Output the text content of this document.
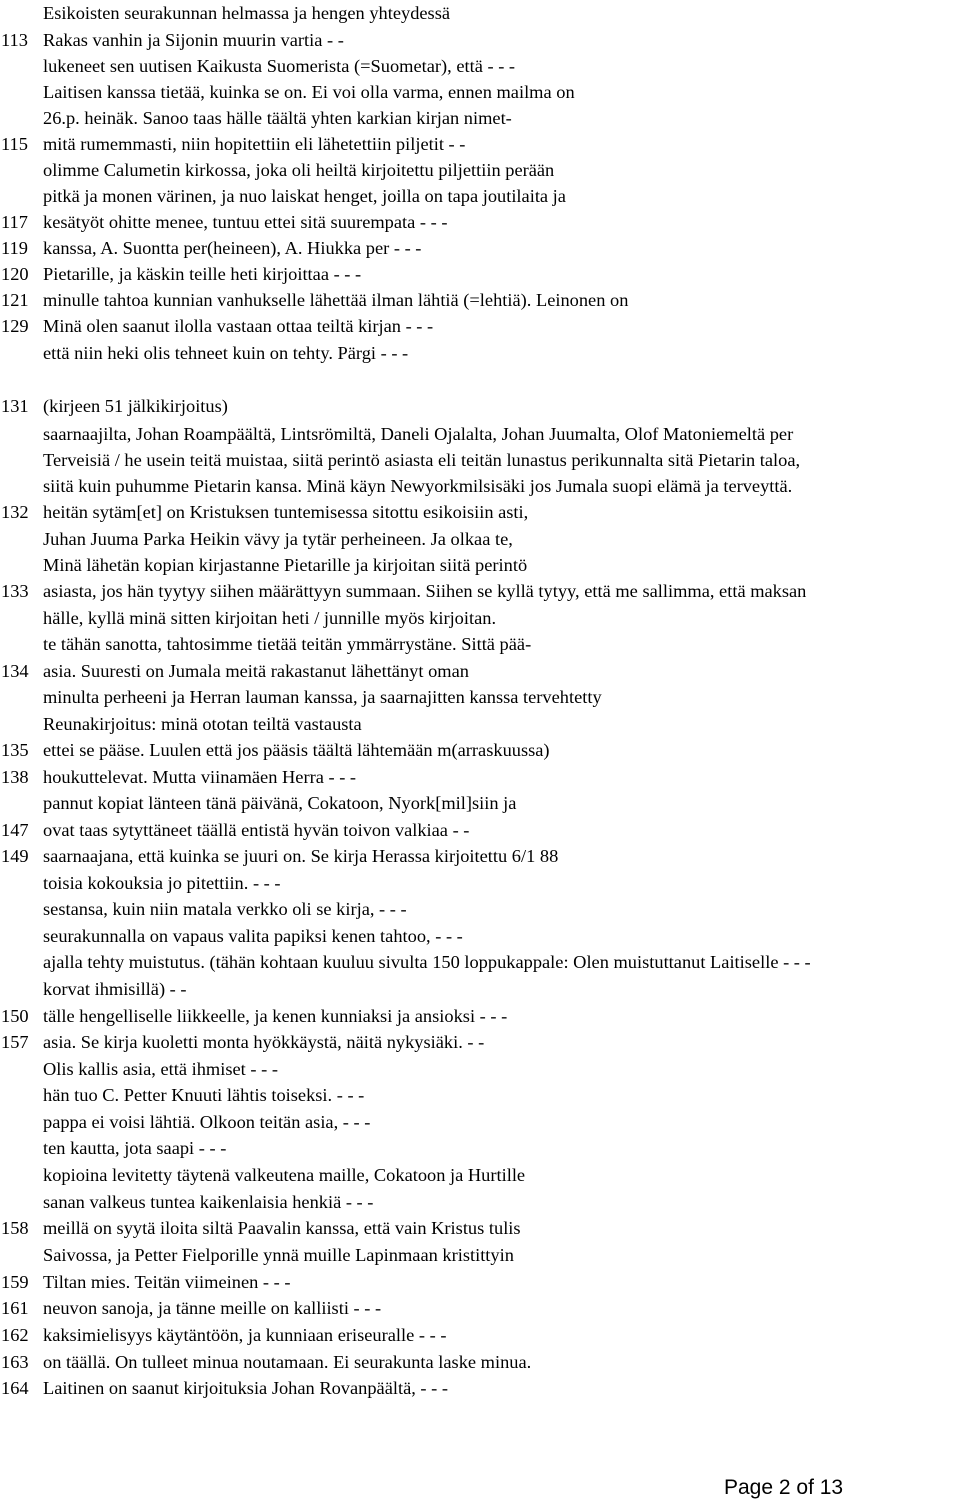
Esikoisten seurakunnan helmassa ja hengen yhteydessä
113 Rakas vanhin ja Sijonin muurin vartia - -
lukeneet sen uutisen Kaikusta Suomerista (=Suometar), että - - -
Laitisen kanssa tietää, kuinka se on. Ei voi olla varma, ennen mailma on
26.p. heinäk. Sanoo taas hälle täältä yhten karkian kirjan nimet-
115 mitä rumemmasti, niin hopitettiin eli lähetettiin piljetit - -
olimme Calumetin kirkossa, joka oli heiltä kirjoitettu piljettiin perään
pitkä ja monen värinen, ja nuo laiskat henget, joilla on tapa joutilaita ja
117 kesätyöt ohitte menee, tuntuu ettei sitä suurempata - - -
119 kanssa, A. Suontta per(heineen), A. Hiukka per - - -
120 Pietarille, ja käskin teille heti kirjoittaa - - -
121 minulle tahtoa kunnian vanhukselle lähettää ilman lähtiä (=lehtiä). Leinonen on
129 Minä olen saanut ilolla vastaan ottaa teiltä kirjan - - -
että niin heki olis tehneet kuin on tehty. Pärgi - - -
131 (kirjeen 51 jälkikirjoitus)
saarnaajilta, Johan Roampäältä, Lintsrömiltä, Daneli Ojalalta, Johan Juumalta, Olof Matoniemeltä per
Terveisiä / he usein teitä muistaa, siitä perintö asiasta eli teitän lunastus perikunnalta sitä Pietarin taloa,
siitä kuin puhumme Pietarin kansa. Minä käyn Newyorkmilsisäki jos Jumala suopi elämä ja terveyttä.
132 heitän sytäm[et] on Kristuksen tuntemisessa sitottu esikoisiin asti,
Juhan Juuma Parka Heikin vävy ja tytär perheineen. Ja olkaa te,
Minä lähetän kopian kirjastanne Pietarille ja kirjoitan siitä perintö
133 asiasta, jos hän tyytyy siihen määrättyyn summaan. Siihen se kyllä tytyy, että me sallimma, että maksan
hälle, kyllä minä sitten kirjoitan heti / junnille myös kirjoitan.
te tähän sanotta, tahtosimme tietää teitän ymmärrystäne. Sittä pää-
134 asia. Suuresti on Jumala meitä rakastanut lähettänyt oman
minulta perheeni ja Herran lauman kanssa, ja saarnajitten kanssa tervehtetty
Reunakirjoitus: minä ototan teiltä vastausta
135 ettei se pääse. Luulen että jos pääsis täältä lähtemään m(arraskuussa)
138 houkuttelevat. Mutta viinamäen Herra - - -
pannut kopiat länteen tänä päivänä, Cokatoon, Nyork[mil]siin ja
147 ovat taas sytyttäneet täällä entistä hyvän toivon valkiaa - -
149 saarnaajana, että kuinka se juuri on. Se kirja Herassa kirjoitettu 6/1 88
toisia kokouksia jo pitettiin. - - -
sestansa, kuin niin matala verkko oli se kirja, - - -
seurakunnalla on vapaus valita papiksi kenen tahtoo, - - -
ajalla tehty muistutus. (tähän kohtaan kuuluu sivulta 150 loppukappale: Olen muistuttanut Laitiselle - - -
korvat ihmisillä) - -
150 tälle hengelliselle liikkeelle, ja kenen kunniaksi ja ansioksi - - -
157 asia. Se kirja kuoletti monta hyökkäystä, näitä nykysiäki. - -
Olis kallis asia, että ihmiset - - -
hän tuo C. Petter Knuuti lähtis toiseksi. - - -
pappa ei voisi lähtiä. Olkoon teitän asia, - - -
ten kautta, jota saapi - - -
kopioina levitetty täytenä valkeutena maille, Cokatoon ja Hurtille
sanan valkeus tuntea kaikenlaisia henkiä - - -
158 meillä on syytä iloita siltä Paavalin kanssa, että vain Kristus tulis
Saivossa, ja Petter Fielporille ynnä muille Lapinmaan kristittyin
159 Tiltan mies. Teitän viimeinen - - -
161 neuvon sanoja, ja tänne meille on kalliisti - - -
162 kaksimielisyys käytäntöön, ja kunniaan eriseuralle - - -
163 on täällä. On tulleet minua noutamaan. Ei seurakunta laske minua.
164 Laitinen on saanut kirjoituksia Johan Rovanpäältä, - - -
Page 2 of 13
